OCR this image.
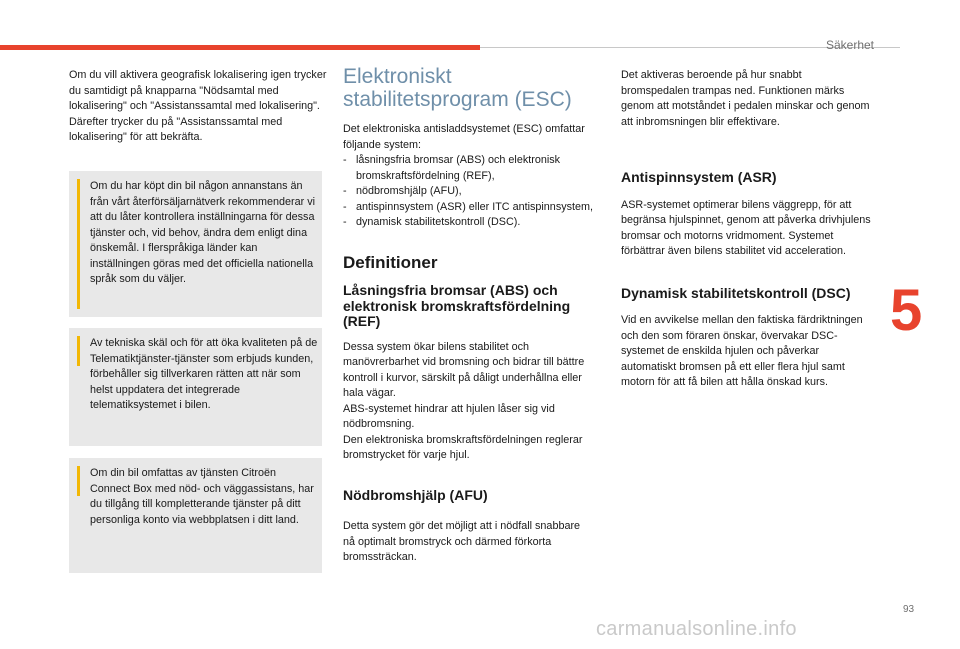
Säkerhet
5
93
carmanualsonline.info

Om du vill aktivera geografisk lokalisering igen trycker du samtidigt på knapparna "Nödsamtal med lokalisering" och "Assistanssamtal med lokalisering". Därefter trycker du på "Assistanssamtal med lokalisering" för att bekräfta.

Om du har köpt din bil någon annanstans än från vårt återförsäljarnätverk rekommenderar vi att du låter kontrollera inställningarna för dessa tjänster och, vid behov, ändra dem enligt dina önskemål. I flerspråkiga länder kan inställningen göras med det officiella nationella språk som du väljer.
Av tekniska skäl och för att öka kvaliteten på de Telematiktjänster-tjänster som erbjuds kunden, förbehåller sig tillverkaren rätten att när som helst uppdatera det integrerade telematiksystemet i bilen.
Om din bil omfattas av tjänsten Citroën Connect Box med nöd- och väggassistans, har du tillgång till kompletterande tjänster på ditt personliga konto via webbplatsen i ditt land.
Elektroniskt stabilitetsprogram (ESC)

Det elektroniska antisladdsystemet (ESC) omfattar följande system:

- låsningsfria bromsar (ABS) och elektronisk bromskraftsfördelning (REF),
- nödbromshjälp (AFU),
- antispinnsystem (ASR) eller ITC antispinnsystem,
- dynamisk stabilitetskontroll (DSC).
Definitioner
Låsningsfria bromsar (ABS) och elektronisk bromskraftsfördelning (REF)

Dessa system ökar bilens stabilitet och manövrerbarhet vid bromsning och bidrar till bättre kontroll i kurvor, särskilt på dåligt underhållna eller hala vägar.

ABS-systemet hindrar att hjulen låser sig vid nödbromsning.

Den elektroniska bromskraftsfördelningen reglerar bromstrycket för varje hjul.

Nödbromshjälp (AFU)

Detta system gör det möjligt att i nödfall snabbare nå optimalt bromstryck och därmed förkorta bromssträckan.

Det aktiveras beroende på hur snabbt bromspedalen trampas ned. Funktionen märks genom att motståndet i pedalen minskar och genom att inbromsningen blir effektivare.

Antispinnsystem (ASR)

ASR-systemet optimerar bilens väggrepp, för att begränsa hjulspinnet, genom att påverka drivhjulens bromsar och motorns vridmoment. Systemet förbättrar även bilens stabilitet vid acceleration.

Dynamisk stabilitetskontroll (DSC)

Vid en avvikelse mellan den faktiska färdriktningen och den som föraren önskar, övervakar DSC-systemet de enskilda hjulen och påverkar automatiskt bromsen på ett eller flera hjul samt motorn för att få bilen att hålla önskad kurs.
